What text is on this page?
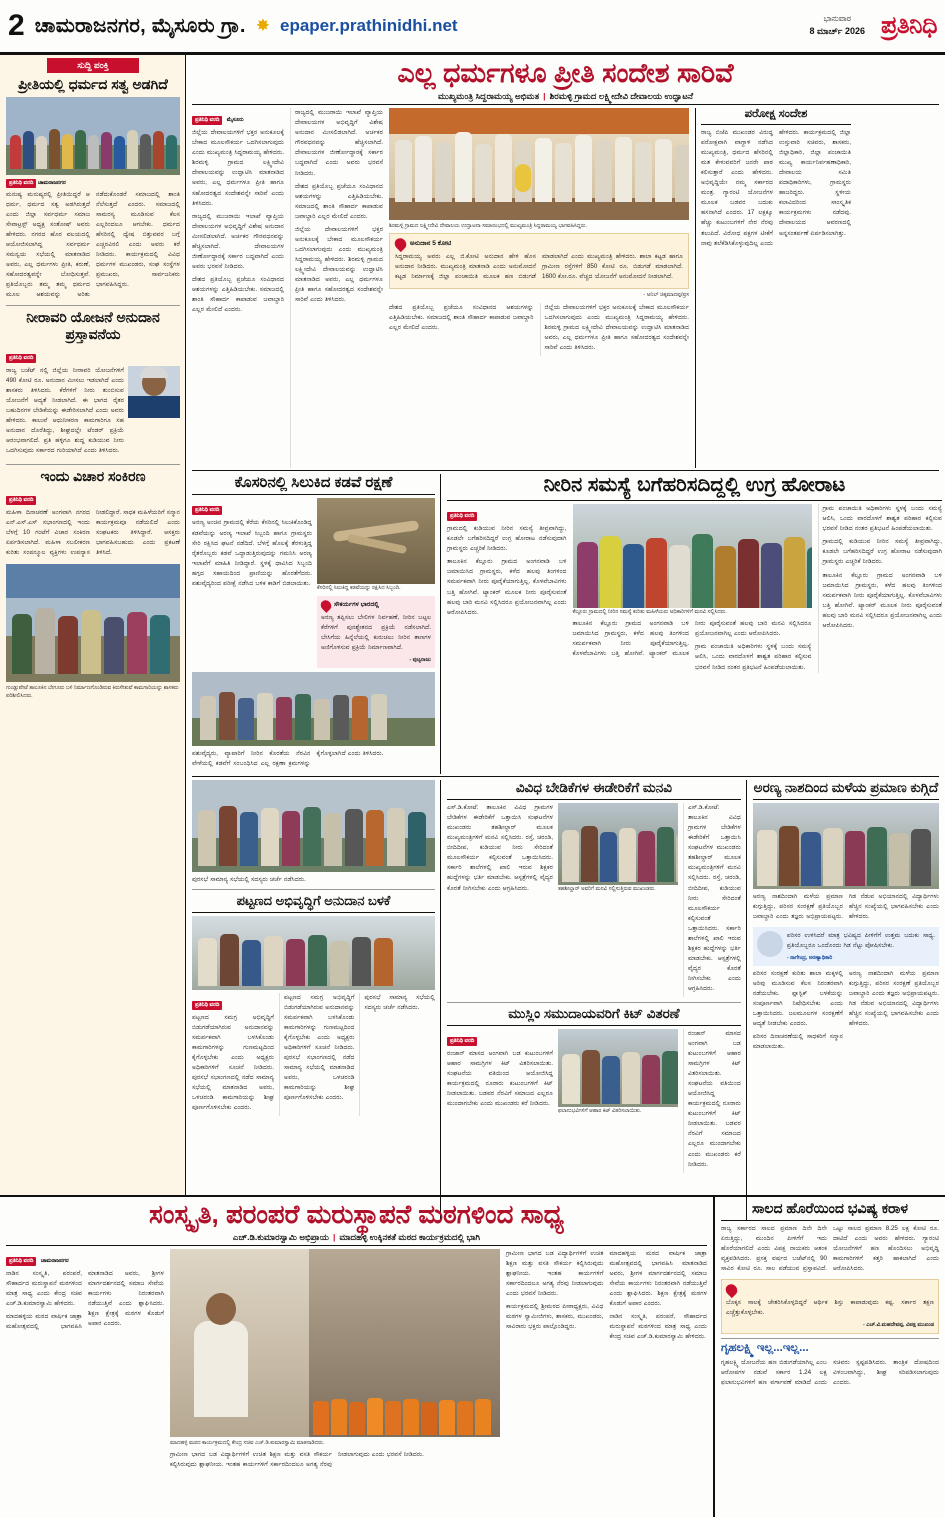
2 ಚಾಮರಾಜನಗರ, ಮೈಸೂರು ಗ್ರಾ. ✸ epaper.prathinidhi.net	ಭಾನುವಾರ
8 ಮಾರ್ಚ್ 2026 ಪ್ರತಿನಿಧಿ
ಸುದ್ದಿ ಪಂಕ್ತಿ
ಪ್ರೀತಿಯಲ್ಲಿ ಧರ್ಮದ ಸತ್ವ ಅಡಗಿದೆ
ಪ್ರತಿನಿಧಿ ವರದಿ ಚಾಮರಾಜನಗರ

ಮನುಷ್ಯ ಮನುಷ್ಯರಲ್ಲಿ ಪ್ರೀತಿಯಿದ್ದರೆ ಆ ಧರ್ಮ, ಧರ್ಮದ ಸತ್ವ ಅಡಗಿರುತ್ತದೆ ಎಂದು ಜಿಲ್ಲಾ ಸರ್ವಧರ್ಮ ಸಮಾಜ ಸೇವಾಟ್ರಸ್ಟ್ ಅಧ್ಯಕ್ಷ ಸಂತೋಷ್ ಅವರು ಹೇಳಿದರು. ನಗರದ ಹೊರ ವಲಯದಲ್ಲಿ ಆಯೋಜಿಸಲಾಗಿದ್ದ ಸರ್ವಧರ್ಮ ಸಮನ್ವಯ ಸಭೆಯಲ್ಲಿ ಮಾತನಾಡಿದ ಅವರು, ಎಲ್ಲ ಧರ್ಮಗಳು ಪ್ರೀತಿ, ಕರುಣೆ, ಸಹೋದರತ್ವವನ್ನೇ ಬೋಧಿಸುತ್ತವೆ. ಪ್ರತಿಯೊಬ್ಬರು ತಮ್ಮ ತಮ್ಮ ಧರ್ಮದ ಮೂಲ ಆಶಯವನ್ನು ಅರಿತು ನಡೆದುಕೊಂಡರೆ ಸಮಾಜದಲ್ಲಿ ಶಾಂತಿ ನೆಲೆಸುತ್ತದೆ ಎಂದರು. ಸಮಾಜದಲ್ಲಿ ಸಾಮರಸ್ಯ ಮೂಡಿಸುವ ಕೆಲಸ ಎಲ್ಲರಿಂದಲೂ ಆಗಬೇಕು. ಧರ್ಮದ ಹೆಸರಿನಲ್ಲಿ ದ್ವೇಷ ಬಿತ್ತುವವರ ಬಗ್ಗೆ ಎಚ್ಚರವಿರಲಿ ಎಂದು ಅವರು ಕರೆ ನೀಡಿದರು. ಕಾರ್ಯಕ್ರಮದಲ್ಲಿ ವಿವಿಧ ಧರ್ಮಗಳ ಮುಖಂಡರು, ಸಂಘ ಸಂಸ್ಥೆಗಳ ಪ್ರಮುಖರು, ಸಾರ್ವಜನಿಕರು ಭಾಗವಹಿಸಿದ್ದರು.

ನೀರಾವರಿ ಯೋಜನೆ ಅನುದಾನ ಪ್ರಸ್ತಾವನೆಯ
ಪ್ರತಿನಿಧಿ ವರದಿ

ರಾಜ್ಯ ಬಜೆಟ್ ನಲ್ಲಿ ಜಿಲ್ಲೆಯ ನೀರಾವರಿ ಯೋಜನೆಗಳಿಗೆ 490 ಕೋಟಿ ರೂ. ಅನುದಾನ ಮೀಸಲು ಇಡಲಾಗಿದೆ ಎಂದು ಶಾಸಕರು ತಿಳಿಸಿದರು. ಕೆರೆಗಳಿಗೆ ನೀರು ತುಂಬಿಸುವ ಯೋಜನೆಗೆ ಆದ್ಯತೆ ನೀಡಲಾಗಿದೆ. ಈ ಭಾಗದ ರೈತರ ಬಹುದಿನಗಳ ಬೇಡಿಕೆಯನ್ನು ಈಡೇರಿಸಲಾಗಿದೆ ಎಂದು ಅವರು ಹೇಳಿದರು. ಕಾಲುವೆ ಆಧುನೀಕರಣ ಕಾಮಗಾರಿಗೂ ಸಹ ಅನುದಾನ ದೊರೆತಿದ್ದು, ಶೀಘ್ರದಲ್ಲೇ ಟೆಂಡರ್ ಪ್ರಕ್ರಿಯೆ ಆರಂಭವಾಗಲಿದೆ. ಪ್ರತಿ ಹಳ್ಳಿಗೂ ಶುದ್ಧ ಕುಡಿಯುವ ನೀರು ಒದಗಿಸುವುದು ಸರ್ಕಾರದ ಗುರಿಯಾಗಿದೆ ಎಂದು ತಿಳಿಸಿದರು.

ಇಂದು ವಿಚಾರ ಸಂಕಿರಣ
ಪ್ರತಿನಿಧಿ ವರದಿ

ಮಹಿಳಾ ದಿನಾಚರಣೆ ಅಂಗವಾಗಿ ನಗರದ ಎನ್.ಎಸ್.ಎಸ್ ಸಭಾಂಗಣದಲ್ಲಿ ಇಂದು ಬೆಳಗ್ಗೆ 10 ಗಂಟೆಗೆ ವಿಚಾರ ಸಂಕಿರಣ ಏರ್ಪಡಿಸಲಾಗಿದೆ. ಮಹಿಳಾ ಸಬಲೀಕರಣ ಕುರಿತು ಸಂಪನ್ಮೂಲ ವ್ಯಕ್ತಿಗಳು ಉಪನ್ಯಾಸ ನೀಡಲಿದ್ದಾರೆ. ಸಾಧಕ ಮಹಿಳೆಯರಿಗೆ ಸನ್ಮಾನ ಕಾರ್ಯಕ್ರಮವೂ ನಡೆಯಲಿದೆ ಎಂದು ಸಂಘಟಕರು ತಿಳಿಸಿದ್ದಾರೆ. ಆಸಕ್ತರು ಭಾಗವಹಿಸಬಹುದು ಎಂದು ಪ್ರಕಟಣೆ ತಿಳಿಸಿದೆ.

ಗುಂಡ್ಲುಪೇಟೆ ತಾಲೂಕಿನ ಬೇಗೂರು ಬಳಿ ನಿರ್ಮಾಣಗೊಂಡಿರುವ ಕಿರುಸೇತುವೆ ಕಾಮಗಾರಿಯನ್ನು ಶಾಸಕರು ಪರಿಶೀಲಿಸಿದರು.
ಎಲ್ಲ ಧರ್ಮಗಳೂ ಪ್ರೀತಿ ಸಂದೇಶ ಸಾರಿವೆ
ಮುಖ್ಯಮಂತ್ರಿ ಸಿದ್ದರಾಮಯ್ಯ ಅಭಿಮತ | ಶಿರಮಳ್ಳಿ ಗ್ರಾಮದ ಲಕ್ಷ್ಮೀದೇವಿ ದೇವಾಲಯ ಉದ್ಘಾಟನೆ
ಪ್ರತಿನಿಧಿ ವರದಿ ಮೈಸೂರು

ಜಿಲ್ಲೆಯ ದೇವಾಲಯಗಳಿಗೆ ಭಕ್ತರ ಅನುಕೂಲಕ್ಕೆ ಬೇಕಾದ ಮೂಲಸೌಕರ್ಯ ಒದಗಿಸಲಾಗುವುದು ಎಂದು ಮುಖ್ಯಮಂತ್ರಿ ಸಿದ್ದರಾಮಯ್ಯ ಹೇಳಿದರು. ಶಿರಮಳ್ಳಿ ಗ್ರಾಮದ ಲಕ್ಷ್ಮೀದೇವಿ ದೇವಾಲಯವನ್ನು ಉದ್ಘಾಟಿಸಿ ಮಾತನಾಡಿದ ಅವರು, ಎಲ್ಲ ಧರ್ಮಗಳೂ ಪ್ರೀತಿ ಹಾಗೂ ಸಹೋದರತ್ವದ ಸಂದೇಶವನ್ನೇ ಸಾರಿವೆ ಎಂದು ತಿಳಿಸಿದರು.

ರಾಜ್ಯದಲ್ಲಿ ಮುಜರಾಯಿ ಇಲಾಖೆ ವ್ಯಾಪ್ತಿಯ ದೇವಾಲಯಗಳ ಅಭಿವೃದ್ಧಿಗೆ ವಿಶೇಷ ಅನುದಾನ ಮೀಸಲಿಡಲಾಗಿದೆ. ಅರ್ಚಕರ ಗೌರವಧನವನ್ನು ಹೆಚ್ಚಿಸಲಾಗಿದೆ. ದೇವಾಲಯಗಳ ಜೀರ್ಣೋದ್ಧಾರಕ್ಕೆ ಸರ್ಕಾರ ಬದ್ಧವಾಗಿದೆ ಎಂದು ಅವರು ಭರವಸೆ ನೀಡಿದರು.

ದೇಶದ ಪ್ರತಿಯೊಬ್ಬ ಪ್ರಜೆಯೂ ಸಂವಿಧಾನದ ಆಶಯಗಳನ್ನು ಎತ್ತಿಹಿಡಿಯಬೇಕು. ಸಮಾಜದಲ್ಲಿ ಶಾಂತಿ ಸೌಹಾರ್ದ ಕಾಪಾಡುವ ಜವಾಬ್ದಾರಿ ಎಲ್ಲರ ಮೇಲಿದೆ ಎಂದರು.

ರಾಜ್ಯದಲ್ಲಿ ಮುಜರಾಯಿ ಇಲಾಖೆ ವ್ಯಾಪ್ತಿಯ ದೇವಾಲಯಗಳ ಅಭಿವೃದ್ಧಿಗೆ ವಿಶೇಷ ಅನುದಾನ ಮೀಸಲಿಡಲಾಗಿದೆ. ಅರ್ಚಕರ ಗೌರವಧನವನ್ನು ಹೆಚ್ಚಿಸಲಾಗಿದೆ. ದೇವಾಲಯಗಳ ಜೀರ್ಣೋದ್ಧಾರಕ್ಕೆ ಸರ್ಕಾರ ಬದ್ಧವಾಗಿದೆ ಎಂದು ಅವರು ಭರವಸೆ ನೀಡಿದರು.

ದೇಶದ ಪ್ರತಿಯೊಬ್ಬ ಪ್ರಜೆಯೂ ಸಂವಿಧಾನದ ಆಶಯಗಳನ್ನು ಎತ್ತಿಹಿಡಿಯಬೇಕು. ಸಮಾಜದಲ್ಲಿ ಶಾಂತಿ ಸೌಹಾರ್ದ ಕಾಪಾಡುವ ಜವಾಬ್ದಾರಿ ಎಲ್ಲರ ಮೇಲಿದೆ ಎಂದರು.

ಜಿಲ್ಲೆಯ ದೇವಾಲಯಗಳಿಗೆ ಭಕ್ತರ ಅನುಕೂಲಕ್ಕೆ ಬೇಕಾದ ಮೂಲಸೌಕರ್ಯ ಒದಗಿಸಲಾಗುವುದು ಎಂದು ಮುಖ್ಯಮಂತ್ರಿ ಸಿದ್ದರಾಮಯ್ಯ ಹೇಳಿದರು. ಶಿರಮಳ್ಳಿ ಗ್ರಾಮದ ಲಕ್ಷ್ಮೀದೇವಿ ದೇವಾಲಯವನ್ನು ಉದ್ಘಾಟಿಸಿ ಮಾತನಾಡಿದ ಅವರು, ಎಲ್ಲ ಧರ್ಮಗಳೂ ಪ್ರೀತಿ ಹಾಗೂ ಸಹೋದರತ್ವದ ಸಂದೇಶವನ್ನೇ ಸಾರಿವೆ ಎಂದು ತಿಳಿಸಿದರು.

ಶಿರಮಳ್ಳಿ ಗ್ರಾಮದ ಲಕ್ಷ್ಮೀದೇವಿ ದೇವಾಲಯ ಉದ್ಘಾಟನಾ ಸಮಾರಂಭದಲ್ಲಿ ಮುಖ್ಯಮಂತ್ರಿ ಸಿದ್ದರಾಮಯ್ಯ ಭಾಗವಹಿಸಿದ್ದರು.
ಅನುದಾನ 5 ಕೋಟಿ

ಸಿದ್ದರಾಮಯ್ಯ ಅವರು ಎಲ್ಲ ಜಿ.ಕೋಟಿ ಅನುದಾನ ಹೇಳಿ ಹೊಸ ಅನುದಾನ ನೀಡಿದರು. ಮುಖ್ಯಮಂತ್ರಿ ಮಾತನಾಡಿ ಎಂದು ಅನುಮೋದನೆ ಕಟ್ಟಡ ನಿರ್ಮಾಣಕ್ಕೆ ಜಿಲ್ಲಾ ಪಂಚಾಯಿತಿ ಮೂಲಕ ಹಣ ಬಿಡುಗಡೆ ಮಾಡಲಾಗಿದೆ ಎಂದು ಮುಖ್ಯಮಂತ್ರಿ ಹೇಳಿದರು. ಶಾಲಾ ಕಟ್ಟಡ ಹಾಗೂ ಗ್ರಾಮೀಣ ರಸ್ತೆಗಳಿಗೆ 850 ಕೋಟಿ ರೂ. ಬಿಡುಗಡೆ ಮಾಡಲಾಗಿದೆ. 1600 ಕೋ.ರೂ. ವೆಚ್ಚದ ಯೋಜನೆಗೆ ಅನುಮೋದನೆ ನೀಡಲಾಗಿದೆ.

- ಅನಿಲ್ ಚಿಕ್ಕಮಾದಪ್ಪ/ಪ್ರಸ

ದೇಶದ ಪ್ರತಿಯೊಬ್ಬ ಪ್ರಜೆಯೂ ಸಂವಿಧಾನದ ಆಶಯಗಳನ್ನು ಎತ್ತಿಹಿಡಿಯಬೇಕು. ಸಮಾಜದಲ್ಲಿ ಶಾಂತಿ ಸೌಹಾರ್ದ ಕಾಪಾಡುವ ಜವಾಬ್ದಾರಿ ಎಲ್ಲರ ಮೇಲಿದೆ ಎಂದರು.

ಜಿಲ್ಲೆಯ ದೇವಾಲಯಗಳಿಗೆ ಭಕ್ತರ ಅನುಕೂಲಕ್ಕೆ ಬೇಕಾದ ಮೂಲಸೌಕರ್ಯ ಒದಗಿಸಲಾಗುವುದು ಎಂದು ಮುಖ್ಯಮಂತ್ರಿ ಸಿದ್ದರಾಮಯ್ಯ ಹೇಳಿದರು. ಶಿರಮಳ್ಳಿ ಗ್ರಾಮದ ಲಕ್ಷ್ಮೀದೇವಿ ದೇವಾಲಯವನ್ನು ಉದ್ಘಾಟಿಸಿ ಮಾತನಾಡಿದ ಅವರು, ಎಲ್ಲ ಧರ್ಮಗಳೂ ಪ್ರೀತಿ ಹಾಗೂ ಸಹೋದರತ್ವದ ಸಂದೇಶವನ್ನೇ ಸಾರಿವೆ ಎಂದು ತಿಳಿಸಿದರು.

ಪರೋಕ್ಷ ಸಂದೇಶ

ರಾಜ್ಯ ಬಿಜೆಪಿ ಮುಖಂಡರ ವಿರುದ್ಧ ಪರೋಕ್ಷವಾಗಿ ವಾಗ್ದಾಳಿ ನಡೆಸಿದ ಮುಖ್ಯಮಂತ್ರಿ, ಧರ್ಮದ ಹೆಸರಿನಲ್ಲಿ ಮತ ಕೇಳುವವರಿಗೆ ಜನರೇ ಪಾಠ ಕಲಿಸುತ್ತಾರೆ ಎಂದು ಹೇಳಿದರು. ಅಭಿವೃದ್ಧಿಯೇ ನಮ್ಮ ಸರ್ಕಾರದ ಮಂತ್ರ. ಗ್ಯಾರಂಟಿ ಯೋಜನೆಗಳ ಮೂಲಕ ಬಡವರ ಬದುಕು ಹಸನಾಗಿದೆ ಎಂದರು. 17 ಲಕ್ಷಕ್ಕೂ ಹೆಚ್ಚು ಕುಟುಂಬಗಳಿಗೆ ನೇರ ನೆರವು ತಲುಪಿದೆ. ವಿರೋಧ ಪಕ್ಷಗಳ ಟೀಕೆಗೆ ನಾವು ತಲೆಕೆಡಿಸಿಕೊಳ್ಳುವುದಿಲ್ಲ ಎಂದು ಹೇಳಿದರು. ಕಾರ್ಯಕ್ರಮದಲ್ಲಿ ಜಿಲ್ಲಾ ಉಸ್ತುವಾರಿ ಸಚಿವರು, ಶಾಸಕರು, ಜಿಲ್ಲಾಧಿಕಾರಿ, ಜಿಲ್ಲಾ ಪಂಚಾಯಿತಿ ಮುಖ್ಯ ಕಾರ್ಯನಿರ್ವಹಣಾಧಿಕಾರಿ, ದೇವಾಲಯ ಸಮಿತಿ ಪದಾಧಿಕಾರಿಗಳು, ಗ್ರಾಮಸ್ಥರು ಹಾಜರಿದ್ದರು. ಸ್ಥಳೀಯ ಕಲಾವಿದರಿಂದ ಸಾಂಸ್ಕೃತಿಕ ಕಾರ್ಯಕ್ರಮಗಳು ನಡೆದವು. ದೇವಾಲಯದ ಆವರಣದಲ್ಲಿ ಅನ್ನಸಂತರ್ಪಣೆ ಏರ್ಪಡಿಸಲಾಗಿತ್ತು.

ಕೊಸರಿನಲ್ಲಿ ಸಿಲುಕಿದ ಕಡವೆ ರಕ್ಷಣೆ
ಪ್ರತಿನಿಧಿ ವರದಿ

ಅರಣ್ಯ ಅಂಚಿನ ಗ್ರಾಮದಲ್ಲಿ ಕೆರೆಯ ಕೆಸರಿನಲ್ಲಿ ಸಿಲುಕಿಕೊಂಡಿದ್ದ ಕಡವೆಯನ್ನು ಅರಣ್ಯ ಇಲಾಖೆ ಸಿಬ್ಬಂದಿ ಹಾಗೂ ಗ್ರಾಮಸ್ಥರು ಸೇರಿ ರಕ್ಷಿಸಿದ ಘಟನೆ ನಡೆದಿದೆ. ಬೆಳಗ್ಗೆ ಹೊಲಕ್ಕೆ ತೆರಳುತ್ತಿದ್ದ ರೈತರೊಬ್ಬರು ಕಡವೆ ಒದ್ದಾಡುತ್ತಿರುವುದನ್ನು ಗಮನಿಸಿ ಅರಣ್ಯ ಇಲಾಖೆಗೆ ಮಾಹಿತಿ ನೀಡಿದ್ದಾರೆ. ಸ್ಥಳಕ್ಕೆ ಧಾವಿಸಿದ ಸಿಬ್ಬಂದಿ ಹಗ್ಗದ ಸಹಾಯದಿಂದ ಪ್ರಾಣಿಯನ್ನು ಹೊರತೆಗೆದರು. ಪಶುವೈದ್ಯರಿಂದ ಪರೀಕ್ಷೆ ನಡೆಸಿದ ಬಳಿಕ ಕಾಡಿಗೆ ಬಿಡಲಾಯಿತು.

ಕೆಸರಿನಲ್ಲಿ ಸಿಲುಕಿದ್ದ ಕಡವೆಯನ್ನು ರಕ್ಷಿಸಿದ ಸಿಬ್ಬಂದಿ.
ಸೌಕರ್ಯಗಳ ಭಾರದಲ್ಲಿ

ಅರಣ್ಯ ತಪ್ಪಿಸಲು ಬೇಲಿಗಳ ನಿರ್ವಹಣೆ, ನೀರಿನ ಬಟ್ಟಲ ಕೆರೆಗಳಿಗೆ ಪುನಶ್ಚೇತನದ ಪ್ರಕ್ರಿಯೆ ನಡೆಸಲಾಗಿದೆ. ಬೇಸಿಗೆಯ ಹಿನ್ನೆಲೆಯಲ್ಲಿ ಕುರುಚಲು ನೀರಿನ ತಾಣಗಳ ಅಣಿಗೊಳಿಸುವ ಪ್ರಕ್ರಿಯೆ ನಿರ್ಮಾಣವಾಗಿದೆ.

- ಪುಟ್ಟರಾಜು

ಪಶುವೈದ್ಯರು, ವ್ಯಾಪಾರಿಗೆ ನೀರಿನ ಕೊರತೆಯ ನೆರವಿನ ವೇಳೆಯಲ್ಲಿ ಕಡವೆಗೆ ಸಂಬಂಧಿಸಿದ ಎಲ್ಲ ರಕ್ಷಣಾ ಕ್ರಮಗಳನ್ನು ಕೈಗೊಳ್ಳಲಾಗಿದೆ ಎಂದು ತಿಳಿಸಿದರು.

ನೀರಿನ ಸಮಸ್ಯೆ ಬಗೆಹರಿಸದಿದ್ದಲ್ಲಿ ಉಗ್ರ ಹೋರಾಟ
ಪ್ರತಿನಿಧಿ ವರದಿ

ಗ್ರಾಮದಲ್ಲಿ ಕುಡಿಯುವ ನೀರಿನ ಸಮಸ್ಯೆ ತೀವ್ರವಾಗಿದ್ದು, ಕೂಡಲೇ ಬಗೆಹರಿಸದಿದ್ದರೆ ಉಗ್ರ ಹೋರಾಟ ನಡೆಸುವುದಾಗಿ ಗ್ರಾಮಸ್ಥರು ಎಚ್ಚರಿಕೆ ನೀಡಿದರು.

ತಾಲೂಕಿನ ಕೆಲ್ಲೂರು ಗ್ರಾಮದ ಅಂಗನವಾಡಿ ಬಳಿ ಜಮಾಯಿಸಿದ ಗ್ರಾಮಸ್ಥರು, ಕಳೆದ ಹಲವು ತಿಂಗಳಿಂದ ಸಮರ್ಪಕವಾಗಿ ನೀರು ಪೂರೈಕೆಯಾಗುತ್ತಿಲ್ಲ. ಕೊಳವೆಬಾವಿಗಳು ಬತ್ತಿ ಹೋಗಿವೆ. ಟ್ಯಾಂಕರ್ ಮೂಲಕ ನೀರು ಪೂರೈಸುವಂತೆ ಹಲವು ಬಾರಿ ಮನವಿ ಸಲ್ಲಿಸಿದರೂ ಪ್ರಯೋಜನವಾಗಿಲ್ಲ ಎಂದು ಆರೋಪಿಸಿದರು.	ಕೆಲ್ಲೂರು ಗ್ರಾಮದಲ್ಲಿ ನೀರಿನ ಸಮಸ್ಯೆ ಕುರಿತು ಮಹಿಳೆಯರು ಅಧಿಕಾರಿಗಳಿಗೆ ಮನವಿ ಸಲ್ಲಿಸಿದರು.

ತಾಲೂಕಿನ ಕೆಲ್ಲೂರು ಗ್ರಾಮದ ಅಂಗನವಾಡಿ ಬಳಿ ಜಮಾಯಿಸಿದ ಗ್ರಾಮಸ್ಥರು, ಕಳೆದ ಹಲವು ತಿಂಗಳಿಂದ ಸಮರ್ಪಕವಾಗಿ ನೀರು ಪೂರೈಕೆಯಾಗುತ್ತಿಲ್ಲ. ಕೊಳವೆಬಾವಿಗಳು ಬತ್ತಿ ಹೋಗಿವೆ. ಟ್ಯಾಂಕರ್ ಮೂಲಕ ನೀರು ಪೂರೈಸುವಂತೆ ಹಲವು ಬಾರಿ ಮನವಿ ಸಲ್ಲಿಸಿದರೂ ಪ್ರಯೋಜನವಾಗಿಲ್ಲ ಎಂದು ಆರೋಪಿಸಿದರು.

ಗ್ರಾಮ ಪಂಚಾಯಿತಿ ಅಧಿಕಾರಿಗಳು ಸ್ಥಳಕ್ಕೆ ಬಂದು ಸಮಸ್ಯೆ ಆಲಿಸಿ, ಒಂದು ವಾರದೊಳಗೆ ಶಾಶ್ವತ ಪರಿಹಾರ ಕಲ್ಪಿಸುವ ಭರವಸೆ ನೀಡಿದ ನಂತರ ಪ್ರತಿಭಟನೆ ಹಿಂಪಡೆಯಲಾಯಿತು.

ಗ್ರಾಮ ಪಂಚಾಯಿತಿ ಅಧಿಕಾರಿಗಳು ಸ್ಥಳಕ್ಕೆ ಬಂದು ಸಮಸ್ಯೆ ಆಲಿಸಿ, ಒಂದು ವಾರದೊಳಗೆ ಶಾಶ್ವತ ಪರಿಹಾರ ಕಲ್ಪಿಸುವ ಭರವಸೆ ನೀಡಿದ ನಂತರ ಪ್ರತಿಭಟನೆ ಹಿಂಪಡೆಯಲಾಯಿತು.

ಗ್ರಾಮದಲ್ಲಿ ಕುಡಿಯುವ ನೀರಿನ ಸಮಸ್ಯೆ ತೀವ್ರವಾಗಿದ್ದು, ಕೂಡಲೇ ಬಗೆಹರಿಸದಿದ್ದರೆ ಉಗ್ರ ಹೋರಾಟ ನಡೆಸುವುದಾಗಿ ಗ್ರಾಮಸ್ಥರು ಎಚ್ಚರಿಕೆ ನೀಡಿದರು.

ತಾಲೂಕಿನ ಕೆಲ್ಲೂರು ಗ್ರಾಮದ ಅಂಗನವಾಡಿ ಬಳಿ ಜಮಾಯಿಸಿದ ಗ್ರಾಮಸ್ಥರು, ಕಳೆದ ಹಲವು ತಿಂಗಳಿಂದ ಸಮರ್ಪಕವಾಗಿ ನೀರು ಪೂರೈಕೆಯಾಗುತ್ತಿಲ್ಲ. ಕೊಳವೆಬಾವಿಗಳು ಬತ್ತಿ ಹೋಗಿವೆ. ಟ್ಯಾಂಕರ್ ಮೂಲಕ ನೀರು ಪೂರೈಸುವಂತೆ ಹಲವು ಬಾರಿ ಮನವಿ ಸಲ್ಲಿಸಿದರೂ ಪ್ರಯೋಜನವಾಗಿಲ್ಲ ಎಂದು ಆರೋಪಿಸಿದರು.

ಪುರಸಭೆ ಸಾಮಾನ್ಯ ಸಭೆಯಲ್ಲಿ ಸದಸ್ಯರು ಚರ್ಚೆ ನಡೆಸಿದರು.

ಪಟ್ಟಣದ ಅಭಿವೃದ್ಧಿಗೆ ಅನುದಾನ ಬಳಕೆ
ಪ್ರತಿನಿಧಿ ವರದಿ

ಪಟ್ಟಣದ ಸಮಗ್ರ ಅಭಿವೃದ್ಧಿಗೆ ಬಿಡುಗಡೆಯಾಗಿರುವ ಅನುದಾನವನ್ನು ಸಮರ್ಪಕವಾಗಿ ಬಳಸಿಕೊಂಡು ಕಾಮಗಾರಿಗಳನ್ನು ಗುಣಮಟ್ಟದಿಂದ ಕೈಗೊಳ್ಳಬೇಕು ಎಂದು ಅಧ್ಯಕ್ಷರು ಅಧಿಕಾರಿಗಳಿಗೆ ಸೂಚನೆ ನೀಡಿದರು. ಪುರಸಭೆ ಸಭಾಂಗಣದಲ್ಲಿ ನಡೆದ ಸಾಮಾನ್ಯ ಸಭೆಯಲ್ಲಿ ಮಾತನಾಡಿದ ಅವರು, ಒಳಚರಂಡಿ ಕಾಮಗಾರಿಯನ್ನು ಶೀಘ್ರ ಪೂರ್ಣಗೊಳಿಸಬೇಕು ಎಂದರು.

ಪಟ್ಟಣದ ಸಮಗ್ರ ಅಭಿವೃದ್ಧಿಗೆ ಬಿಡುಗಡೆಯಾಗಿರುವ ಅನುದಾನವನ್ನು ಸಮರ್ಪಕವಾಗಿ ಬಳಸಿಕೊಂಡು ಕಾಮಗಾರಿಗಳನ್ನು ಗುಣಮಟ್ಟದಿಂದ ಕೈಗೊಳ್ಳಬೇಕು ಎಂದು ಅಧ್ಯಕ್ಷರು ಅಧಿಕಾರಿಗಳಿಗೆ ಸೂಚನೆ ನೀಡಿದರು. ಪುರಸಭೆ ಸಭಾಂಗಣದಲ್ಲಿ ನಡೆದ ಸಾಮಾನ್ಯ ಸಭೆಯಲ್ಲಿ ಮಾತನಾಡಿದ ಅವರು, ಒಳಚರಂಡಿ ಕಾಮಗಾರಿಯನ್ನು ಶೀಘ್ರ ಪೂರ್ಣಗೊಳಿಸಬೇಕು ಎಂದರು.

ಪುರಸಭೆ ಸಾಮಾನ್ಯ ಸಭೆಯಲ್ಲಿ ಸದಸ್ಯರು ಚರ್ಚೆ ನಡೆಸಿದರು.

ವಿವಿಧ ಬೇಡಿಕೆಗಳ ಈಡೇರಿಕೆಗೆ ಮನವಿ

ಎಸ್.ಡಿ.ಕೋಟೆ: ತಾಲೂಕಿನ ವಿವಿಧ ಗ್ರಾಮಗಳ ಬೇಡಿಕೆಗಳ ಈಡೇರಿಕೆಗೆ ಒತ್ತಾಯಿಸಿ ಸಂಘಟನೆಗಳ ಮುಖಂಡರು ತಹಶೀಲ್ದಾರ್ ಮೂಲಕ ಮುಖ್ಯಮಂತ್ರಿಗಳಿಗೆ ಮನವಿ ಸಲ್ಲಿಸಿದರು. ರಸ್ತೆ, ಚರಂಡಿ, ಬೀದಿದೀಪ, ಕುಡಿಯುವ ನೀರು ಸೇರಿದಂತೆ ಮೂಲಸೌಕರ್ಯ ಕಲ್ಪಿಸುವಂತೆ ಒತ್ತಾಯಿಸಿದರು. ಸರ್ಕಾರಿ ಶಾಲೆಗಳಲ್ಲಿ ಖಾಲಿ ಇರುವ ಶಿಕ್ಷಕರ ಹುದ್ದೆಗಳನ್ನು ಭರ್ತಿ ಮಾಡಬೇಕು. ಆಸ್ಪತ್ರೆಗಳಲ್ಲಿ ವೈದ್ಯರ ಕೊರತೆ ನೀಗಿಸಬೇಕು ಎಂದು ಆಗ್ರಹಿಸಿದರು.	ತಹಶೀಲ್ದಾರ್ ಅವರಿಗೆ ಮನವಿ ಸಲ್ಲಿಸುತ್ತಿರುವ ಮುಖಂಡರು.

ಎಸ್.ಡಿ.ಕೋಟೆ: ತಾಲೂಕಿನ ವಿವಿಧ ಗ್ರಾಮಗಳ ಬೇಡಿಕೆಗಳ ಈಡೇರಿಕೆಗೆ ಒತ್ತಾಯಿಸಿ ಸಂಘಟನೆಗಳ ಮುಖಂಡರು ತಹಶೀಲ್ದಾರ್ ಮೂಲಕ ಮುಖ್ಯಮಂತ್ರಿಗಳಿಗೆ ಮನವಿ ಸಲ್ಲಿಸಿದರು. ರಸ್ತೆ, ಚರಂಡಿ, ಬೀದಿದೀಪ, ಕುಡಿಯುವ ನೀರು ಸೇರಿದಂತೆ ಮೂಲಸೌಕರ್ಯ ಕಲ್ಪಿಸುವಂತೆ ಒತ್ತಾಯಿಸಿದರು. ಸರ್ಕಾರಿ ಶಾಲೆಗಳಲ್ಲಿ ಖಾಲಿ ಇರುವ ಶಿಕ್ಷಕರ ಹುದ್ದೆಗಳನ್ನು ಭರ್ತಿ ಮಾಡಬೇಕು. ಆಸ್ಪತ್ರೆಗಳಲ್ಲಿ ವೈದ್ಯರ ಕೊರತೆ ನೀಗಿಸಬೇಕು ಎಂದು ಆಗ್ರಹಿಸಿದರು.

ಮುಸ್ಲಿಂ ಸಮುದಾಯವರಿಗೆ ಕಿಟ್ ವಿತರಣೆ
ಪ್ರತಿನಿಧಿ ವರದಿ

ರಂಜಾನ್ ಮಾಸದ ಅಂಗವಾಗಿ ಬಡ ಕುಟುಂಬಗಳಿಗೆ ಆಹಾರ ಸಾಮಗ್ರಿಗಳ ಕಿಟ್ ವಿತರಿಸಲಾಯಿತು. ಸಂಘಟನೆಯ ವತಿಯಿಂದ ಆಯೋಜಿಸಿದ್ದ ಕಾರ್ಯಕ್ರಮದಲ್ಲಿ ನೂರಾರು ಕುಟುಂಬಗಳಿಗೆ ಕಿಟ್ ನೀಡಲಾಯಿತು. ಬಡವರ ನೆರವಿಗೆ ಸಮಾಜದ ಎಲ್ಲರೂ ಮುಂದಾಗಬೇಕು ಎಂದು ಮುಖಂಡರು ಕರೆ ನೀಡಿದರು.

ಫಲಾನುಭವಿಗಳಿಗೆ ಆಹಾರ ಕಿಟ್ ವಿತರಿಸಲಾಯಿತು.

ರಂಜಾನ್ ಮಾಸದ ಅಂಗವಾಗಿ ಬಡ ಕುಟುಂಬಗಳಿಗೆ ಆಹಾರ ಸಾಮಗ್ರಿಗಳ ಕಿಟ್ ವಿತರಿಸಲಾಯಿತು. ಸಂಘಟನೆಯ ವತಿಯಿಂದ ಆಯೋಜಿಸಿದ್ದ ಕಾರ್ಯಕ್ರಮದಲ್ಲಿ ನೂರಾರು ಕುಟುಂಬಗಳಿಗೆ ಕಿಟ್ ನೀಡಲಾಯಿತು. ಬಡವರ ನೆರವಿಗೆ ಸಮಾಜದ ಎಲ್ಲರೂ ಮುಂದಾಗಬೇಕು ಎಂದು ಮುಖಂಡರು ಕರೆ ನೀಡಿದರು.

ಅರಣ್ಯ ನಾಶದಿಂದ ಮಳೆಯ ಪ್ರಮಾಣ ಕುಗ್ಗಿದೆ

ಅರಣ್ಯ ನಾಶದಿಂದಾಗಿ ಮಳೆಯ ಪ್ರಮಾಣ ಕುಗ್ಗುತ್ತಿದ್ದು, ಪರಿಸರ ಸಂರಕ್ಷಣೆ ಪ್ರತಿಯೊಬ್ಬರ ಜವಾಬ್ದಾರಿ ಎಂದು ತಜ್ಞರು ಅಭಿಪ್ರಾಯಪಟ್ಟರು. ಗಿಡ ನೆಡುವ ಅಭಿಯಾನದಲ್ಲಿ ವಿದ್ಯಾರ್ಥಿಗಳು ಹೆಚ್ಚಿನ ಸಂಖ್ಯೆಯಲ್ಲಿ ಭಾಗವಹಿಸಬೇಕು ಎಂದು ಹೇಳಿದರು.

ಪರಿಸರ ಉಳಿಸಿದರೆ ಮಾತ್ರ ಭವಿಷ್ಯದ ಪೀಳಿಗೆಗೆ ಉತ್ತಮ ಬದುಕು ಸಾಧ್ಯ. ಪ್ರತಿಯೊಬ್ಬರೂ ಒಂದೊಂದು ಗಿಡ ನೆಟ್ಟು ಪೋಷಿಸಬೇಕು.

- ನಾಗೇಂದ್ರ, ಅರಣ್ಯಾಧಿಕಾರಿ

ಪರಿಸರ ಸಂರಕ್ಷಣೆ ಕುರಿತು ಶಾಲಾ ಮಕ್ಕಳಲ್ಲಿ ಅರಿವು ಮೂಡಿಸುವ ಕೆಲಸ ನಿರಂತರವಾಗಿ ನಡೆಯಬೇಕು. ಪ್ಲಾಸ್ಟಿಕ್ ಬಳಕೆಯನ್ನು ಸಂಪೂರ್ಣವಾಗಿ ನಿಷೇಧಿಸಬೇಕು ಎಂದು ಒತ್ತಾಯಿಸಿದರು. ಜಲಮೂಲಗಳ ಸಂರಕ್ಷಣೆಗೆ ಆದ್ಯತೆ ನೀಡಬೇಕು ಎಂದರು.

ಪರಿಸರ ದಿನಾಚರಣೆಯಲ್ಲಿ ಸಾಧಕರಿಗೆ ಸನ್ಮಾನ ಮಾಡಲಾಯಿತು.

ಅರಣ್ಯ ನಾಶದಿಂದಾಗಿ ಮಳೆಯ ಪ್ರಮಾಣ ಕುಗ್ಗುತ್ತಿದ್ದು, ಪರಿಸರ ಸಂರಕ್ಷಣೆ ಪ್ರತಿಯೊಬ್ಬರ ಜವಾಬ್ದಾರಿ ಎಂದು ತಜ್ಞರು ಅಭಿಪ್ರಾಯಪಟ್ಟರು. ಗಿಡ ನೆಡುವ ಅಭಿಯಾನದಲ್ಲಿ ವಿದ್ಯಾರ್ಥಿಗಳು ಹೆಚ್ಚಿನ ಸಂಖ್ಯೆಯಲ್ಲಿ ಭಾಗವಹಿಸಬೇಕು ಎಂದು ಹೇಳಿದರು.

ಸಂಸ್ಕೃತಿ, ಪರಂಪರೆ ಮರುಸ್ಥಾಪನೆ ಮಠಗಳಿಂದ ಸಾಧ್ಯ
ಎಚ್.ಡಿ.ಕುಮಾರಸ್ವಾಮಿ ಅಭಿಪ್ರಾಯ | ಮಾದಹಳ್ಳಿ ಉಕ್ಕಿನಕತೆ ಮಠದ ಕಾರ್ಯಕ್ರಮದಲ್ಲಿ ಭಾಗಿ
ಪ್ರತಿನಿಧಿ ವರದಿ ಚಾಮರಾಜನಗರ

ನಾಡಿನ ಸಂಸ್ಕೃತಿ, ಪರಂಪರೆ, ಸೌಹಾರ್ದದ ಮರುಸ್ಥಾಪನೆ ಮಠಗಳಿಂದ ಮಾತ್ರ ಸಾಧ್ಯ ಎಂದು ಕೇಂದ್ರ ಸಚಿವ ಎಚ್.ಡಿ.ಕುಮಾರಸ್ವಾಮಿ ಹೇಳಿದರು.

ಮಾದಹಳ್ಳಿಯ ಮಠದ ವಾರ್ಷಿಕ ಜಾತ್ರಾ ಮಹೋತ್ಸವದಲ್ಲಿ ಭಾಗವಹಿಸಿ ಮಾತನಾಡಿದ ಅವರು, ಶ್ರೀಗಳ ಮಾರ್ಗದರ್ಶನದಲ್ಲಿ ಸಮಾಜ ಸೇವೆಯ ಕಾರ್ಯಗಳು ನಿರಂತರವಾಗಿ ನಡೆಯುತ್ತಿವೆ ಎಂದು ಶ್ಲಾಘಿಸಿದರು. ಶಿಕ್ಷಣ ಕ್ಷೇತ್ರಕ್ಕೆ ಮಠಗಳ ಕೊಡುಗೆ ಅಪಾರ ಎಂದರು.

ಮಾದಹಳ್ಳಿ ಮಠದ ಕಾರ್ಯಕ್ರಮದಲ್ಲಿ ಕೇಂದ್ರ ಸಚಿವ ಎಚ್.ಡಿ.ಕುಮಾರಸ್ವಾಮಿ ಮಾತನಾಡಿದರು.

ಗ್ರಾಮೀಣ ಭಾಗದ ಬಡ ವಿದ್ಯಾರ್ಥಿಗಳಿಗೆ ಉಚಿತ ಶಿಕ್ಷಣ ಮತ್ತು ವಸತಿ ಸೌಕರ್ಯ ಕಲ್ಪಿಸಿರುವುದು ಶ್ಲಾಘನೀಯ. ಇಂತಹ ಕಾರ್ಯಗಳಿಗೆ ಸರ್ಕಾರದಿಂದಲೂ ಅಗತ್ಯ ನೆರವು ನೀಡಲಾಗುವುದು ಎಂದು ಭರವಸೆ ನೀಡಿದರು.

ಗ್ರಾಮೀಣ ಭಾಗದ ಬಡ ವಿದ್ಯಾರ್ಥಿಗಳಿಗೆ ಉಚಿತ ಶಿಕ್ಷಣ ಮತ್ತು ವಸತಿ ಸೌಕರ್ಯ ಕಲ್ಪಿಸಿರುವುದು ಶ್ಲಾಘನೀಯ. ಇಂತಹ ಕಾರ್ಯಗಳಿಗೆ ಸರ್ಕಾರದಿಂದಲೂ ಅಗತ್ಯ ನೆರವು ನೀಡಲಾಗುವುದು ಎಂದು ಭರವಸೆ ನೀಡಿದರು.

ಕಾರ್ಯಕ್ರಮದಲ್ಲಿ ಶ್ರೀಮಠದ ಪೀಠಾಧ್ಯಕ್ಷರು, ವಿವಿಧ ಮಠಗಳ ಸ್ವಾಮೀಜಿಗಳು, ಶಾಸಕರು, ಮುಖಂಡರು, ಸಾವಿರಾರು ಭಕ್ತರು ಪಾಲ್ಗೊಂಡಿದ್ದರು.

ಮಾದಹಳ್ಳಿಯ ಮಠದ ವಾರ್ಷಿಕ ಜಾತ್ರಾ ಮಹೋತ್ಸವದಲ್ಲಿ ಭಾಗವಹಿಸಿ ಮಾತನಾಡಿದ ಅವರು, ಶ್ರೀಗಳ ಮಾರ್ಗದರ್ಶನದಲ್ಲಿ ಸಮಾಜ ಸೇವೆಯ ಕಾರ್ಯಗಳು ನಿರಂತರವಾಗಿ ನಡೆಯುತ್ತಿವೆ ಎಂದು ಶ್ಲಾಘಿಸಿದರು. ಶಿಕ್ಷಣ ಕ್ಷೇತ್ರಕ್ಕೆ ಮಠಗಳ ಕೊಡುಗೆ ಅಪಾರ ಎಂದರು.

ನಾಡಿನ ಸಂಸ್ಕೃತಿ, ಪರಂಪರೆ, ಸೌಹಾರ್ದದ ಮರುಸ್ಥಾಪನೆ ಮಠಗಳಿಂದ ಮಾತ್ರ ಸಾಧ್ಯ ಎಂದು ಕೇಂದ್ರ ಸಚಿವ ಎಚ್.ಡಿ.ಕುಮಾರಸ್ವಾಮಿ ಹೇಳಿದರು.

ಸಾಲದ ಹೊರೆಯಿಂದ ಭವಿಷ್ಯ ಕರಾಳ

ರಾಜ್ಯ ಸರ್ಕಾರದ ಸಾಲದ ಪ್ರಮಾಣ ದಿನೇ ದಿನೇ ಏರುತ್ತಿದ್ದು, ಮುಂದಿನ ಪೀಳಿಗೆಗೆ ಇದು ಹೊರೆಯಾಗಲಿದೆ ಎಂದು ವಿಪಕ್ಷ ನಾಯಕರು ಆತಂಕ ವ್ಯಕ್ತಪಡಿಸಿದರು. ಪ್ರಸಕ್ತ ವರ್ಷದ ಬಜೆಟ್‌ನಲ್ಲಿ 90 ಸಾವಿರ ಕೋಟಿ ರೂ. ಸಾಲ ಪಡೆಯುವ ಪ್ರಸ್ತಾಪವಿದೆ. ಒಟ್ಟು ಸಾಲದ ಪ್ರಮಾಣ 8.25 ಲಕ್ಷ ಕೋಟಿ ರೂ. ದಾಟಿದೆ ಎಂದು ಅವರು ಹೇಳಿದರು. ಗ್ಯಾರಂಟಿ ಯೋಜನೆಗಳಿಗೆ ಹಣ ಹೊಂದಿಸಲು ಅಭಿವೃದ್ಧಿ ಕಾಮಗಾರಿಗಳಿಗೆ ಕತ್ತರಿ ಹಾಕಲಾಗಿದೆ ಎಂದು ಆರೋಪಿಸಿದರು.

ಬೊಕ್ಕಸ ಸಾಲಕ್ಕೆ ಚೇತರಿಸಿಕೊಳ್ಳದಿದ್ದರೆ ಆರ್ಥಿಕ ಶಿಸ್ತು ಕಾಪಾಡುವುದು ಕಷ್ಟ. ಸರ್ಕಾರ ತಕ್ಷಣ ಎಚ್ಚೆತ್ತುಕೊಳ್ಳಬೇಕು.

- ಎಚ್.ವಿ.ಮಹದೇವಪ್ಪ, ವಿಪಕ್ಷ ಮುಖಂಡ
ಗೃಹಲಕ್ಷ್ಮಿ ಇಲ್ಲ...ಇಲ್ಲ...

ಗೃಹಲಕ್ಷ್ಮಿ ಯೋಜನೆಯ ಹಣ ಬಿಡುಗಡೆಯಾಗಿಲ್ಲ ಎಂಬ ಆರೋಪಗಳ ನಡುವೆ ಸರ್ಕಾರ 1.24 ಲಕ್ಷ ಫಲಾನುಭವಿಗಳಿಗೆ ಹಣ ವರ್ಗಾವಣೆ ಮಾಡಿದೆ ಎಂದು ಸಚಿವರು ಸ್ಪಷ್ಟಪಡಿಸಿದರು. ತಾಂತ್ರಿಕ ದೋಷದಿಂದ ವಿಳಂಬವಾಗಿದ್ದು, ಶೀಘ್ರ ಸರಿಪಡಿಸಲಾಗುವುದು ಎಂದರು.
